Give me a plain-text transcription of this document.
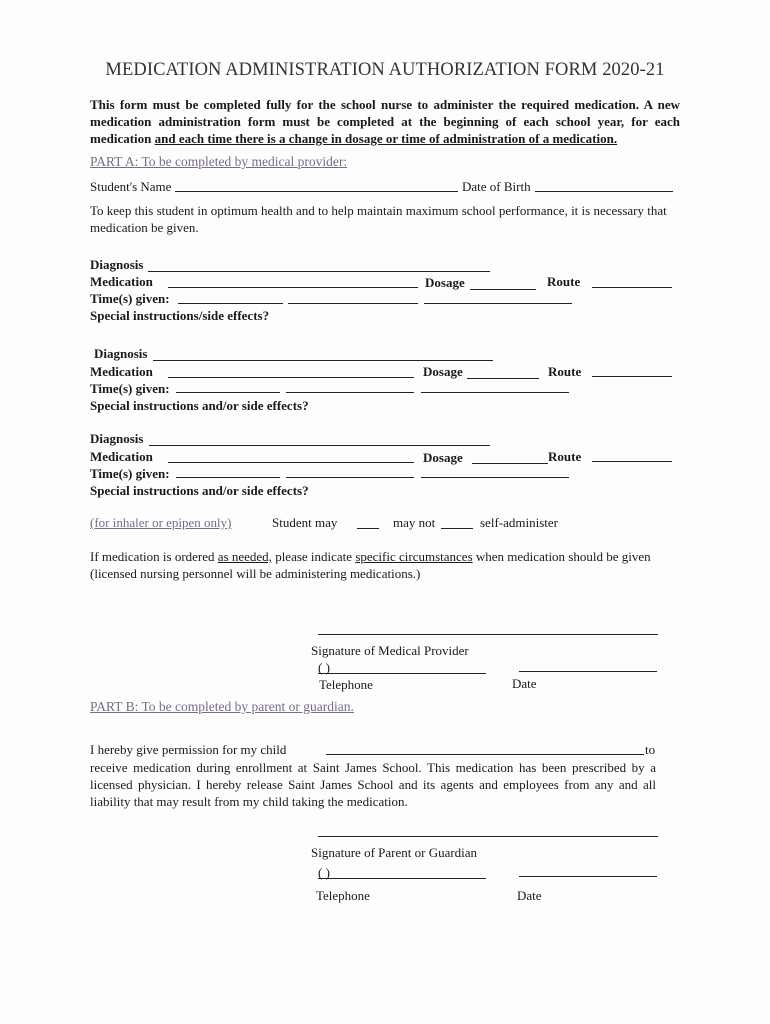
MEDICATION ADMINISTRATION AUTHORIZATION FORM 2020-21
This form must be completed fully for the school nurse to administer the required medication. A new medication administration form must be completed at the beginning of each school year, for each medication and each time there is a change in dosage or time of administration of a medication.
PART A: To be completed by medical provider:
Student's Name	Date of Birth
To keep this student in optimum health and to help maintain maximum school performance, it is necessary that medication be given.
Diagnosis
Medication	Dosage	Route
Time(s) given:
Special instructions/side effects?
Diagnosis
Medication	Dosage	Route
Time(s) given:
Special instructions and/or side effects?
Diagnosis
Medication	Dosage	Route
Time(s) given:
Special instructions and/or side effects?
(for inhaler or epipen only)	Student may	may not	self-administer
If medication is ordered as needed, please indicate specific circumstances when medication should be given (licensed nursing personnel will be administering medications.)
Signature of Medical Provider
( )
Telephone	Date
PART B: To be completed by parent or guardian.
I hereby give permission for my child	to
receive medication during enrollment at Saint James School. This medication has been prescribed by a licensed physician. I hereby release Saint James School and its agents and employees from any and all liability that may result from my child taking the medication.
Signature of Parent or Guardian
( )
Telephone	Date
